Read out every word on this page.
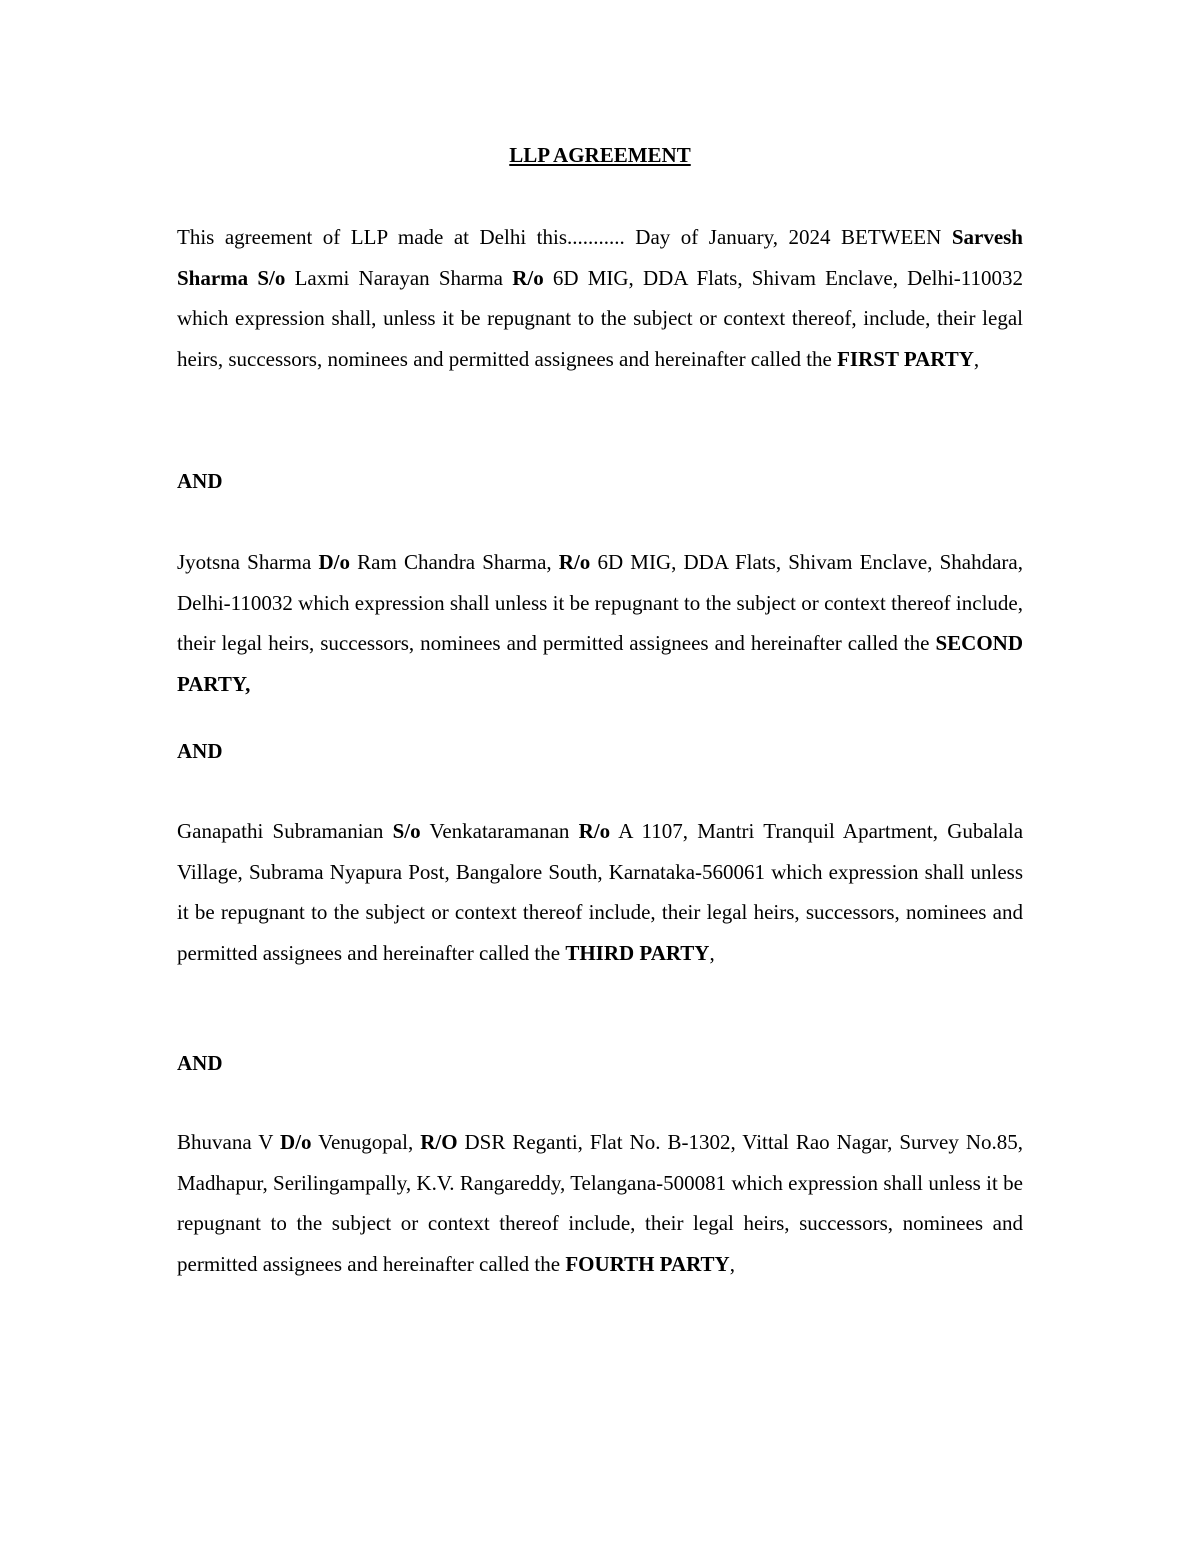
LLP AGREEMENT

This agreement of LLP made at Delhi this........... Day of January, 2024 BETWEEN Sarvesh Sharma S/o Laxmi Narayan Sharma R/o 6D MIG, DDA Flats, Shivam Enclave, Delhi-110032 which expression shall, unless it be repugnant to the subject or context thereof, include, their legal heirs, successors, nominees and permitted assignees and hereinafter called the FIRST PARTY,

AND

Jyotsna Sharma D/o Ram Chandra Sharma, R/o 6D MIG, DDA Flats, Shivam Enclave, Shahdara, Delhi-110032 which expression shall unless it be repugnant to the subject or context thereof include, their legal heirs, successors, nominees and permitted assignees and hereinafter called the SECOND PARTY,

AND

Ganapathi Subramanian S/o Venkataramanan R/o A 1107, Mantri Tranquil Apartment, Gubalala Village, Subrama Nyapura Post, Bangalore South, Karnataka-560061 which expression shall unless it be repugnant to the subject or context thereof include, their legal heirs, successors, nominees and permitted assignees and hereinafter called the THIRD PARTY,

AND

Bhuvana V D/o Venugopal, R/O DSR Reganti, Flat No. B-1302, Vittal Rao Nagar, Survey No.85, Madhapur, Serilingampally, K.V. Rangareddy, Telangana-500081 which expression shall unless it be repugnant to the subject or context thereof include, their legal heirs, successors, nominees and permitted assignees and hereinafter called the FOURTH PARTY,
